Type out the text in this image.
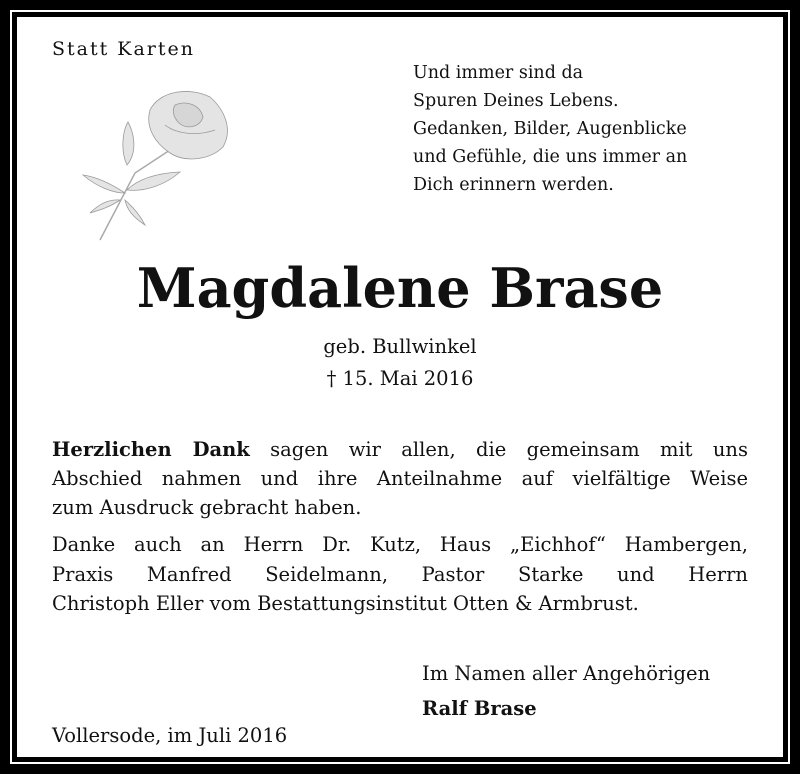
Statt Karten
Und immer sind da
Spuren Deines Lebens.
Gedanken, Bilder, Augenblicke
und Gefühle, die uns immer an
Dich erinnern werden.
Magdalene Brase
geb. Bullwinkel
† 15. Mai 2016
Herzlichen Dank sagen wir allen, die gemeinsam mit uns
Abschied nahmen und ihre Anteilnahme auf vielfältige Weise
zum Ausdruck gebracht haben.
Danke auch an Herrn Dr. Kutz, Haus „Eichhof“ Hambergen,
Praxis Manfred Seidelmann, Pastor Starke und Herrn
Christoph Eller vom Bestattungsinstitut Otten & Armbrust.
Im Namen aller Angehörigen
Ralf Brase
Vollersode, im Juli 2016
